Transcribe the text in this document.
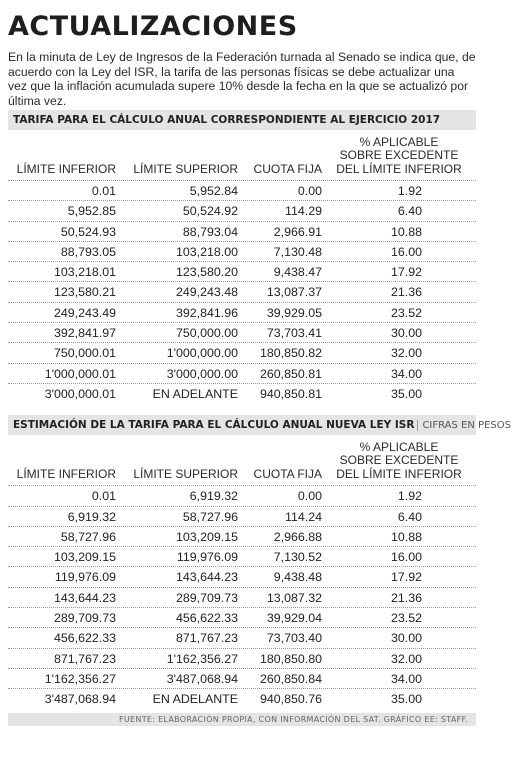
ACTUALIZACIONES
En la minuta de Ley de Ingresos de la Federación turnada al Senado se indica que, de acuerdo con la Ley del ISR, la tarifa de las personas físicas se debe actualizar una vez que la inflación acumulada supere 10% desde la fecha en la que se actualizó por última vez.
TARIFA PARA EL CÁLCULO ANUAL CORRESPONDIENTE AL EJERCICIO 2017
LÍMITE INFERIOR	LÍMITE SUPERIOR	CUOTA FIJA
% APLICABLE
SOBRE EXCEDENTE
DEL LÍMITE INFERIOR
0.01	5,952.84	0.00	1.92
5,952.85	50,524.92	114.29	6.40
50,524.93	88,793.04	2,966.91	10.88
88,793.05	103,218.00	7,130.48	16.00
103,218.01	123,580.20	9,438.47	17.92
123,580.21	249,243.48	13,087.37	21.36
249,243.49	392,841.96	39,929.05	23.52
392,841.97	750,000.00	73,703.41	30.00
750,000.01	1'000,000.00	180,850.82	32.00
1'000,000.01	3'000,000.00	260,850.81	34.00
3'000,000.01	EN ADELANTE	940,850.81	35.00
ESTIMACIÓN DE LA TARIFA PARA EL CÁLCULO ANUAL NUEVA LEY ISR CIFRAS EN PESOS
LÍMITE INFERIOR	LÍMITE SUPERIOR	CUOTA FIJA
% APLICABLE
SOBRE EXCEDENTE
DEL LÍMITE INFERIOR
0.01	6,919.32	0.00	1.92
6,919.32	58,727.96	114.24	6.40
58,727.96	103,209.15	2,966.88	10.88
103,209.15	119,976.09	7,130.52	16.00
119,976.09	143,644.23	9,438.48	17.92
143,644.23	289,709.73	13,087.32	21.36
289,709.73	456,622.33	39,929.04	23.52
456,622.33	871,767.23	73,703.40	30.00
871,767.23	1'162,356.27	180,850.80	32.00
1'162,356.27	3'487,068.94	260,850.84	34.00
3'487,068.94	EN ADELANTE	940,850.76	35.00
FUENTE: ELABORACIÓN PROPIA, CON INFORMACIÓN DEL SAT. GRÁFICO EE: STAFF.
